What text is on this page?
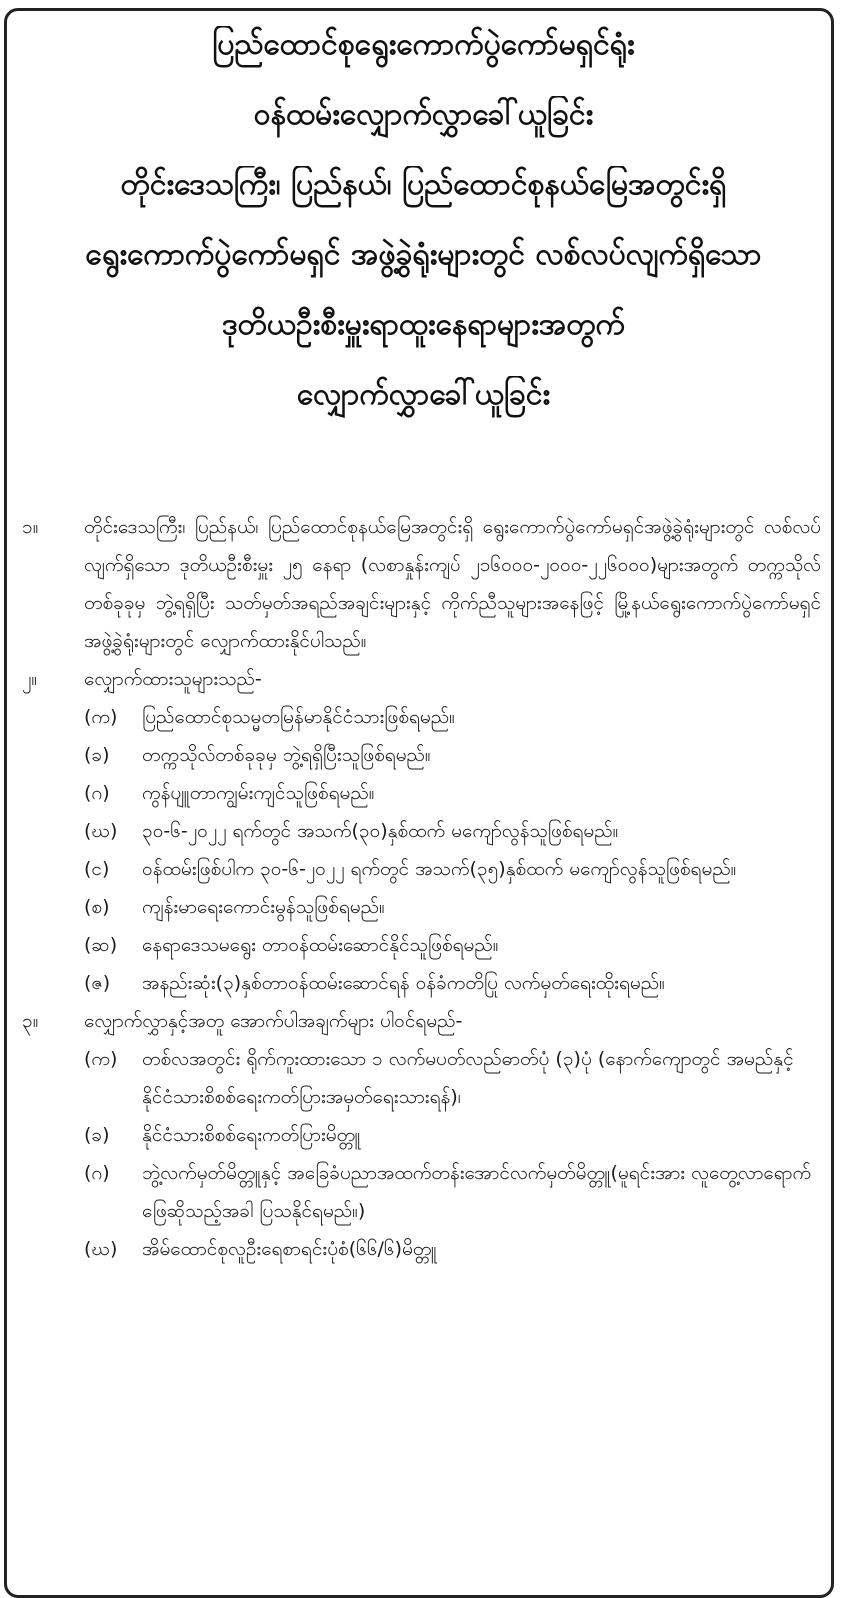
ပြည်ထောင်စုရွေးကောက်ပွဲကော်မရှင်ရုံး
ဝန်ထမ်းလျှောက်လွှာခေါ်ယူခြင်း
တိုင်းဒေသကြီး၊ ပြည်နယ်၊ ပြည်ထောင်စုနယ်မြေအတွင်းရှိ
ရွေးကောက်ပွဲကော်မရှင် အဖွဲ့ခွဲရုံးများတွင် လစ်လပ်လျက်ရှိသော
ဒုတိယဦးစီးမှူးရာထူးနေရာများအတွက်
လျှောက်လွှာခေါ်ယူခြင်း
၁။	တိုင်းဒေသကြီး၊ ပြည်နယ်၊ ပြည်ထောင်စုနယ်မြေအတွင်းရှိ ရွေးကောက်ပွဲကော်မရှင်အဖွဲ့ခွဲရုံးများတွင် လစ်လပ်လျက်ရှိသော ဒုတိယဦးစီးမှူး ၂၅ နေရာ (လစာနှုန်းကျပ် ၂၁၆၀၀၀-၂၀၀၀-၂၂၆၀၀၀)များအတွက် တက္ကသိုလ်တစ်ခုခုမှ ဘွဲ့ရရှိပြီး သတ်မှတ်အရည်အချင်းများနှင့် ကိုက်ညီသူများအနေဖြင့် မြို့နယ်ရွေးကောက်ပွဲကော်မရှင်အဖွဲ့ခွဲရုံးများတွင် လျှောက်ထားနိုင်ပါသည်။
၂။	လျှောက်ထားသူများသည်-
(က)	ပြည်ထောင်စုသမ္မတမြန်မာနိုင်ငံသားဖြစ်ရမည်။
(ခ)	တက္ကသိုလ်တစ်ခုခုမှ ဘွဲ့ရရှိပြီးသူဖြစ်ရမည်။
(ဂ)	ကွန်ပျူတာကျွမ်းကျင်သူဖြစ်ရမည်။
(ဃ)	၃၀-၆-၂၀၂၂ ရက်တွင် အသက်(၃၀)နှစ်ထက် မကျော်လွန်သူဖြစ်ရမည်။
(င)	ဝန်ထမ်းဖြစ်ပါက ၃၀-၆-၂၀၂၂ ရက်တွင် အသက်(၃၅)နှစ်ထက် မကျော်လွန်သူဖြစ်ရမည်။
(စ)	ကျန်းမာရေးကောင်းမွန်သူဖြစ်ရမည်။
(ဆ)	နေရာဒေသမရွေး တာဝန်ထမ်းဆောင်နိုင်သူဖြစ်ရမည်။
(ဇ)	အနည်းဆုံး(၃)နှစ်တာဝန်ထမ်းဆောင်ရန် ဝန်ခံကတိပြု လက်မှတ်ရေးထိုးရမည်။
၃။	လျှောက်လွှာနှင့်အတူ အောက်ပါအချက်များ ပါဝင်ရမည်-
(က)	တစ်လအတွင်း ရိုက်ကူးထားသော ၁ လက်မပတ်လည်ဓာတ်ပုံ (၃)ပုံ (နောက်ကျောတွင် အမည်နှင့် နိုင်ငံသားစိစစ်ရေးကတ်ပြားအမှတ်ရေးသားရန်)၊
(ခ)	နိုင်ငံသားစိစစ်ရေးကတ်ပြားမိတ္တူ
(ဂ)	ဘွဲ့လက်မှတ်မိတ္တူနှင့် အခြေခံပညာအထက်တန်းအောင်လက်မှတ်မိတ္တူ(မူရင်းအား လူတွေ့လာရောက်ဖြေဆိုသည့်အခါ ပြသနိုင်ရမည်။)
(ဃ)	အိမ်ထောင်စုလူဦးရေစာရင်းပုံစံ(၆၆/၆)မိတ္တူ
